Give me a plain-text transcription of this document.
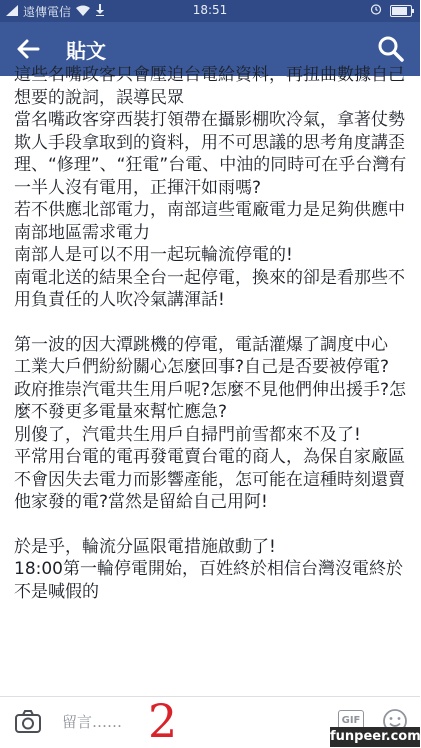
遠傳電信	18:51
貼文

這些名嘴政客只會壓迫台電給資料，再扭曲數據自己想要的說詞，誤導民眾

當名嘴政客穿西裝打領帶在攝影棚吹冷氣，拿著仗勢欺人手段拿取到的資料，用不可思議的思考角度講歪理、“修理”、“狂電”台電、中油的同時可在乎台灣有一半人沒有電用，正揮汗如雨嗎?

若不供應北部電力，南部這些電廠電力是足夠供應中南部地區需求電力

南部人是可以不用一起玩輪流停電的!

南電北送的結果全台一起停電，換來的卻是看那些不用負責任的人吹冷氣講渾話!

第一波的因大潭跳機的停電，電話灌爆了調度中心

工業大戶們紛紛關心怎麼回事?自己是否要被停電?

政府推崇汽電共生用戶呢?怎麼不見他們伸出援手?怎麼不發更多電量來幫忙應急?

別傻了，汽電共生用戶自掃門前雪都來不及了!

平常用台電的電再發電賣台電的商人，為保自家廠區不會因失去電力而影響產能，怎可能在這種時刻還賣他家發的電?當然是留給自己用阿!

於是乎，輪流分區限電措施啟動了!

18:00第一輪停電開始，百姓終於相信台灣沒電終於不是喊假的

留言……
GIF
2	funpeer.com
